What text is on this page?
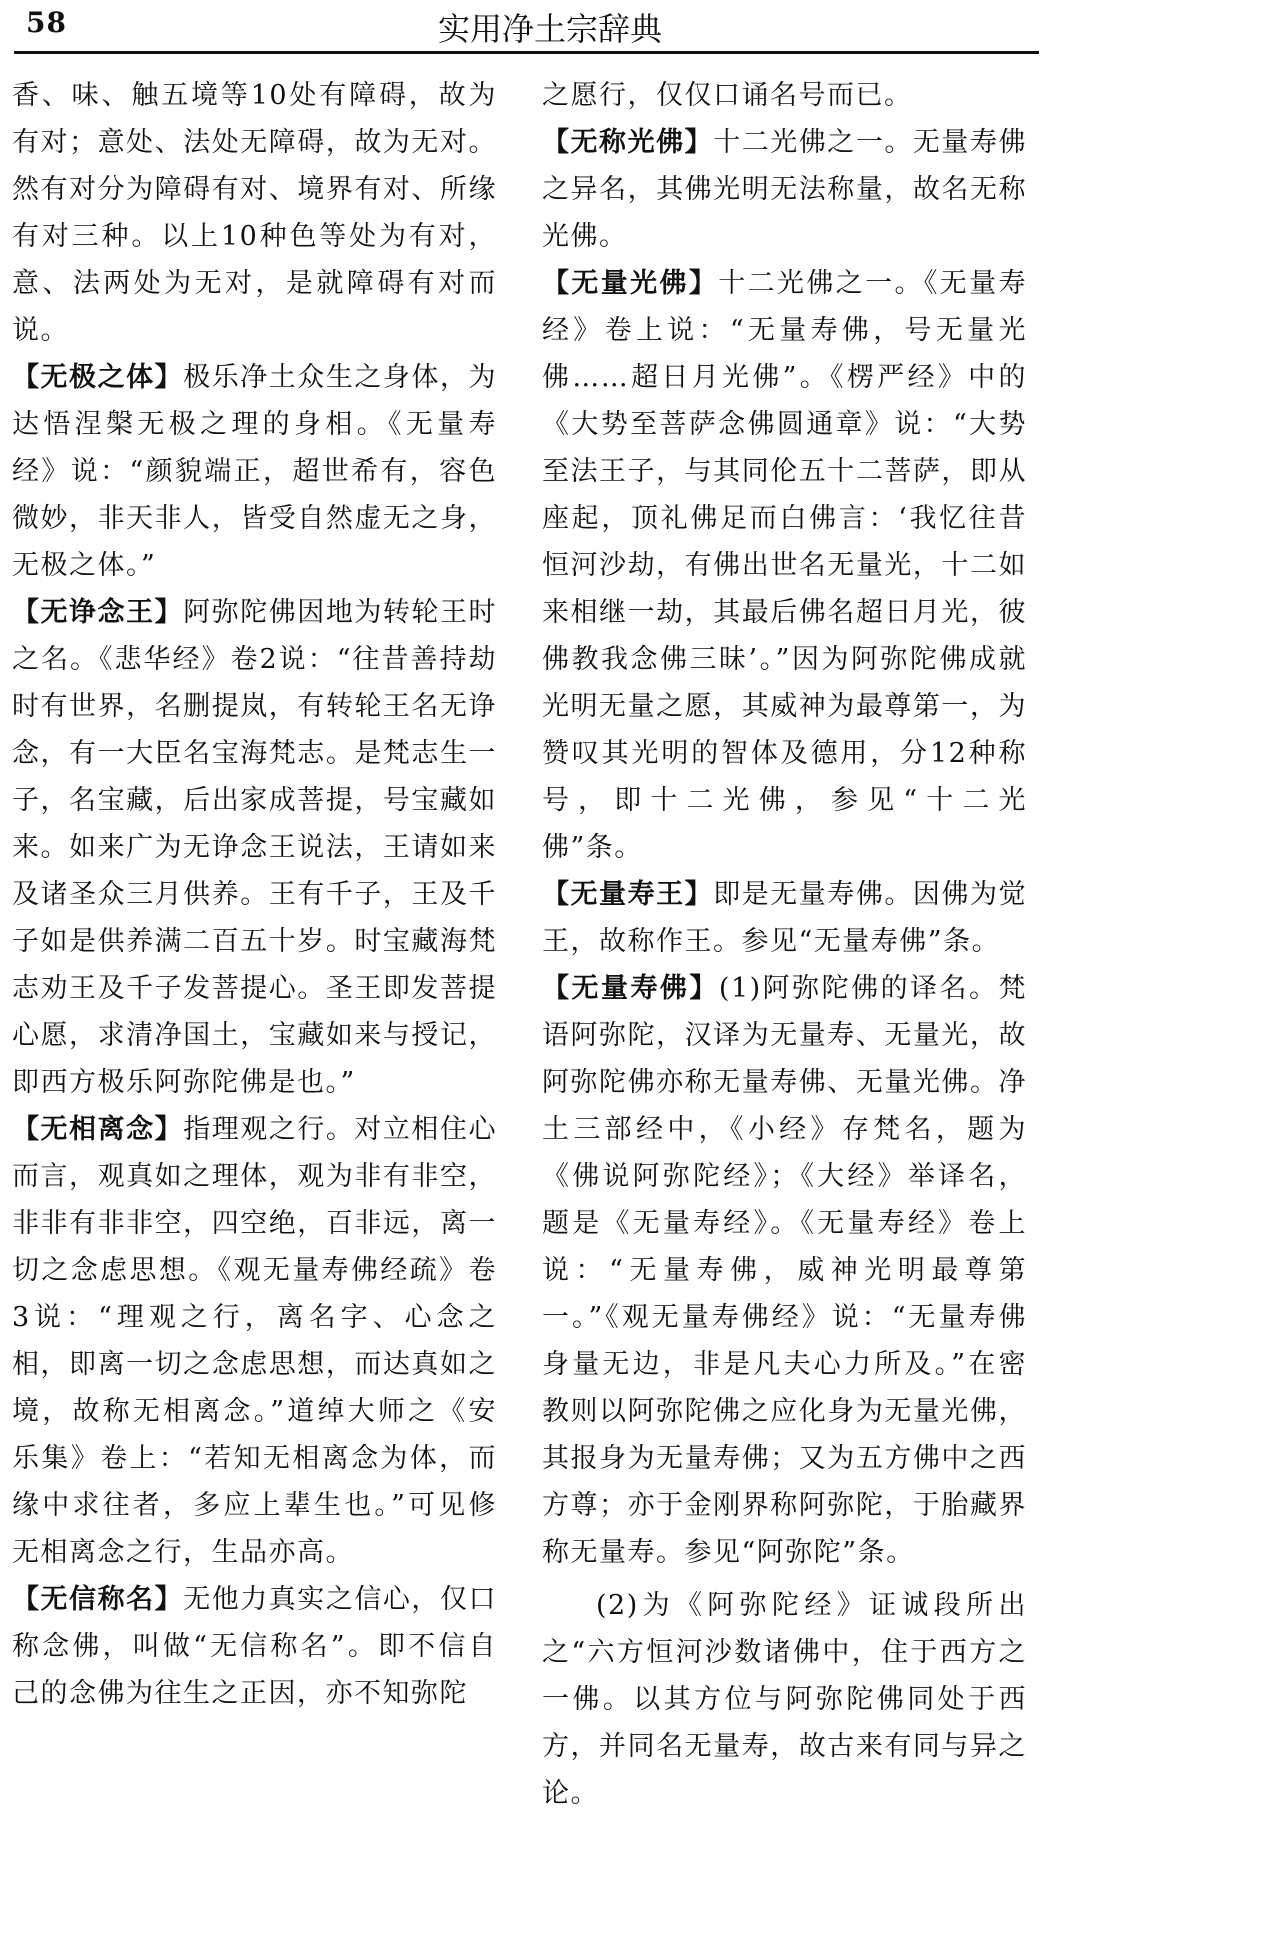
58	实用净土宗辞典

香、味、触五境等10处有障碍，故为有对；意处、法处无障碍，故为无对。然有对分为障碍有对、境界有对、所缘有对三种。以上10种色等处为有对，意、法两处为无对，是就障碍有对而说。

【无极之体】极乐净土众生之身体，为达悟涅槃无极之理的身相。《无量寿经》说：“颜貌端正，超世希有，容色微妙，非天非人，皆受自然虚无之身，无极之体。”

【无诤念王】阿弥陀佛因地为转轮王时之名。《悲华经》卷2说：“往昔善持劫时有世界，名删提岚，有转轮王名无诤念，有一大臣名宝海梵志。是梵志生一子，名宝藏，后出家成菩提，号宝藏如来。如来广为无诤念王说法，王请如来及诸圣众三月供养。王有千子，王及千子如是供养满二百五十岁。时宝藏海梵志劝王及千子发菩提心。圣王即发菩提心愿，求清净国土，宝藏如来与授记，即西方极乐阿弥陀佛是也。”

【无相离念】指理观之行。对立相住心而言，观真如之理体，观为非有非空，非非有非非空，四空绝，百非远，离一切之念虑思想。《观无量寿佛经疏》卷3说：“理观之行，离名字、心念之相，即离一切之念虑思想，而达真如之境，故称无相离念。”道绰大师之《安乐集》卷上：“若知无相离念为体，而缘中求往者，多应上辈生也。”可见修无相离念之行，生品亦高。

【无信称名】无他力真实之信心，仅口称念佛，叫做“无信称名”。即不信自己的念佛为往生之正因，亦不知弥陀

之愿行，仅仅口诵名号而已。

【无称光佛】十二光佛之一。无量寿佛之异名，其佛光明无法称量，故名无称光佛。

【无量光佛】十二光佛之一。《无量寿经》卷上说：“无量寿佛，号无量光佛……超日月光佛”。《楞严经》中的《大势至菩萨念佛圆通章》说：“大势至法王子，与其同伦五十二菩萨，即从座起，顶礼佛足而白佛言：‘我忆往昔恒河沙劫，有佛出世名无量光，十二如来相继一劫，其最后佛名超日月光，彼佛教我念佛三昧’。”因为阿弥陀佛成就光明无量之愿，其威神为最尊第一，为赞叹其光明的智体及德用，分12种称号，即十二光佛，参见“十二光佛”条。

【无量寿王】即是无量寿佛。因佛为觉王，故称作王。参见“无量寿佛”条。

【无量寿佛】(1)阿弥陀佛的译名。梵语阿弥陀，汉译为无量寿、无量光，故阿弥陀佛亦称无量寿佛、无量光佛。净土三部经中，《小经》存梵名，题为《佛说阿弥陀经》；《大经》举译名，题是《无量寿经》。《无量寿经》卷上说：“无量寿佛，威神光明最尊第一。”《观无量寿佛经》说：“无量寿佛身量无边，非是凡夫心力所及。”在密教则以阿弥陀佛之应化身为无量光佛，其报身为无量寿佛；又为五方佛中之西方尊；亦于金刚界称阿弥陀，于胎藏界称无量寿。参见“阿弥陀”条。

(2)为《阿弥陀经》证诚段所出之“六方恒河沙数诸佛中，住于西方之一佛。以其方位与阿弥陀佛同处于西方，并同名无量寿，故古来有同与异之论。
